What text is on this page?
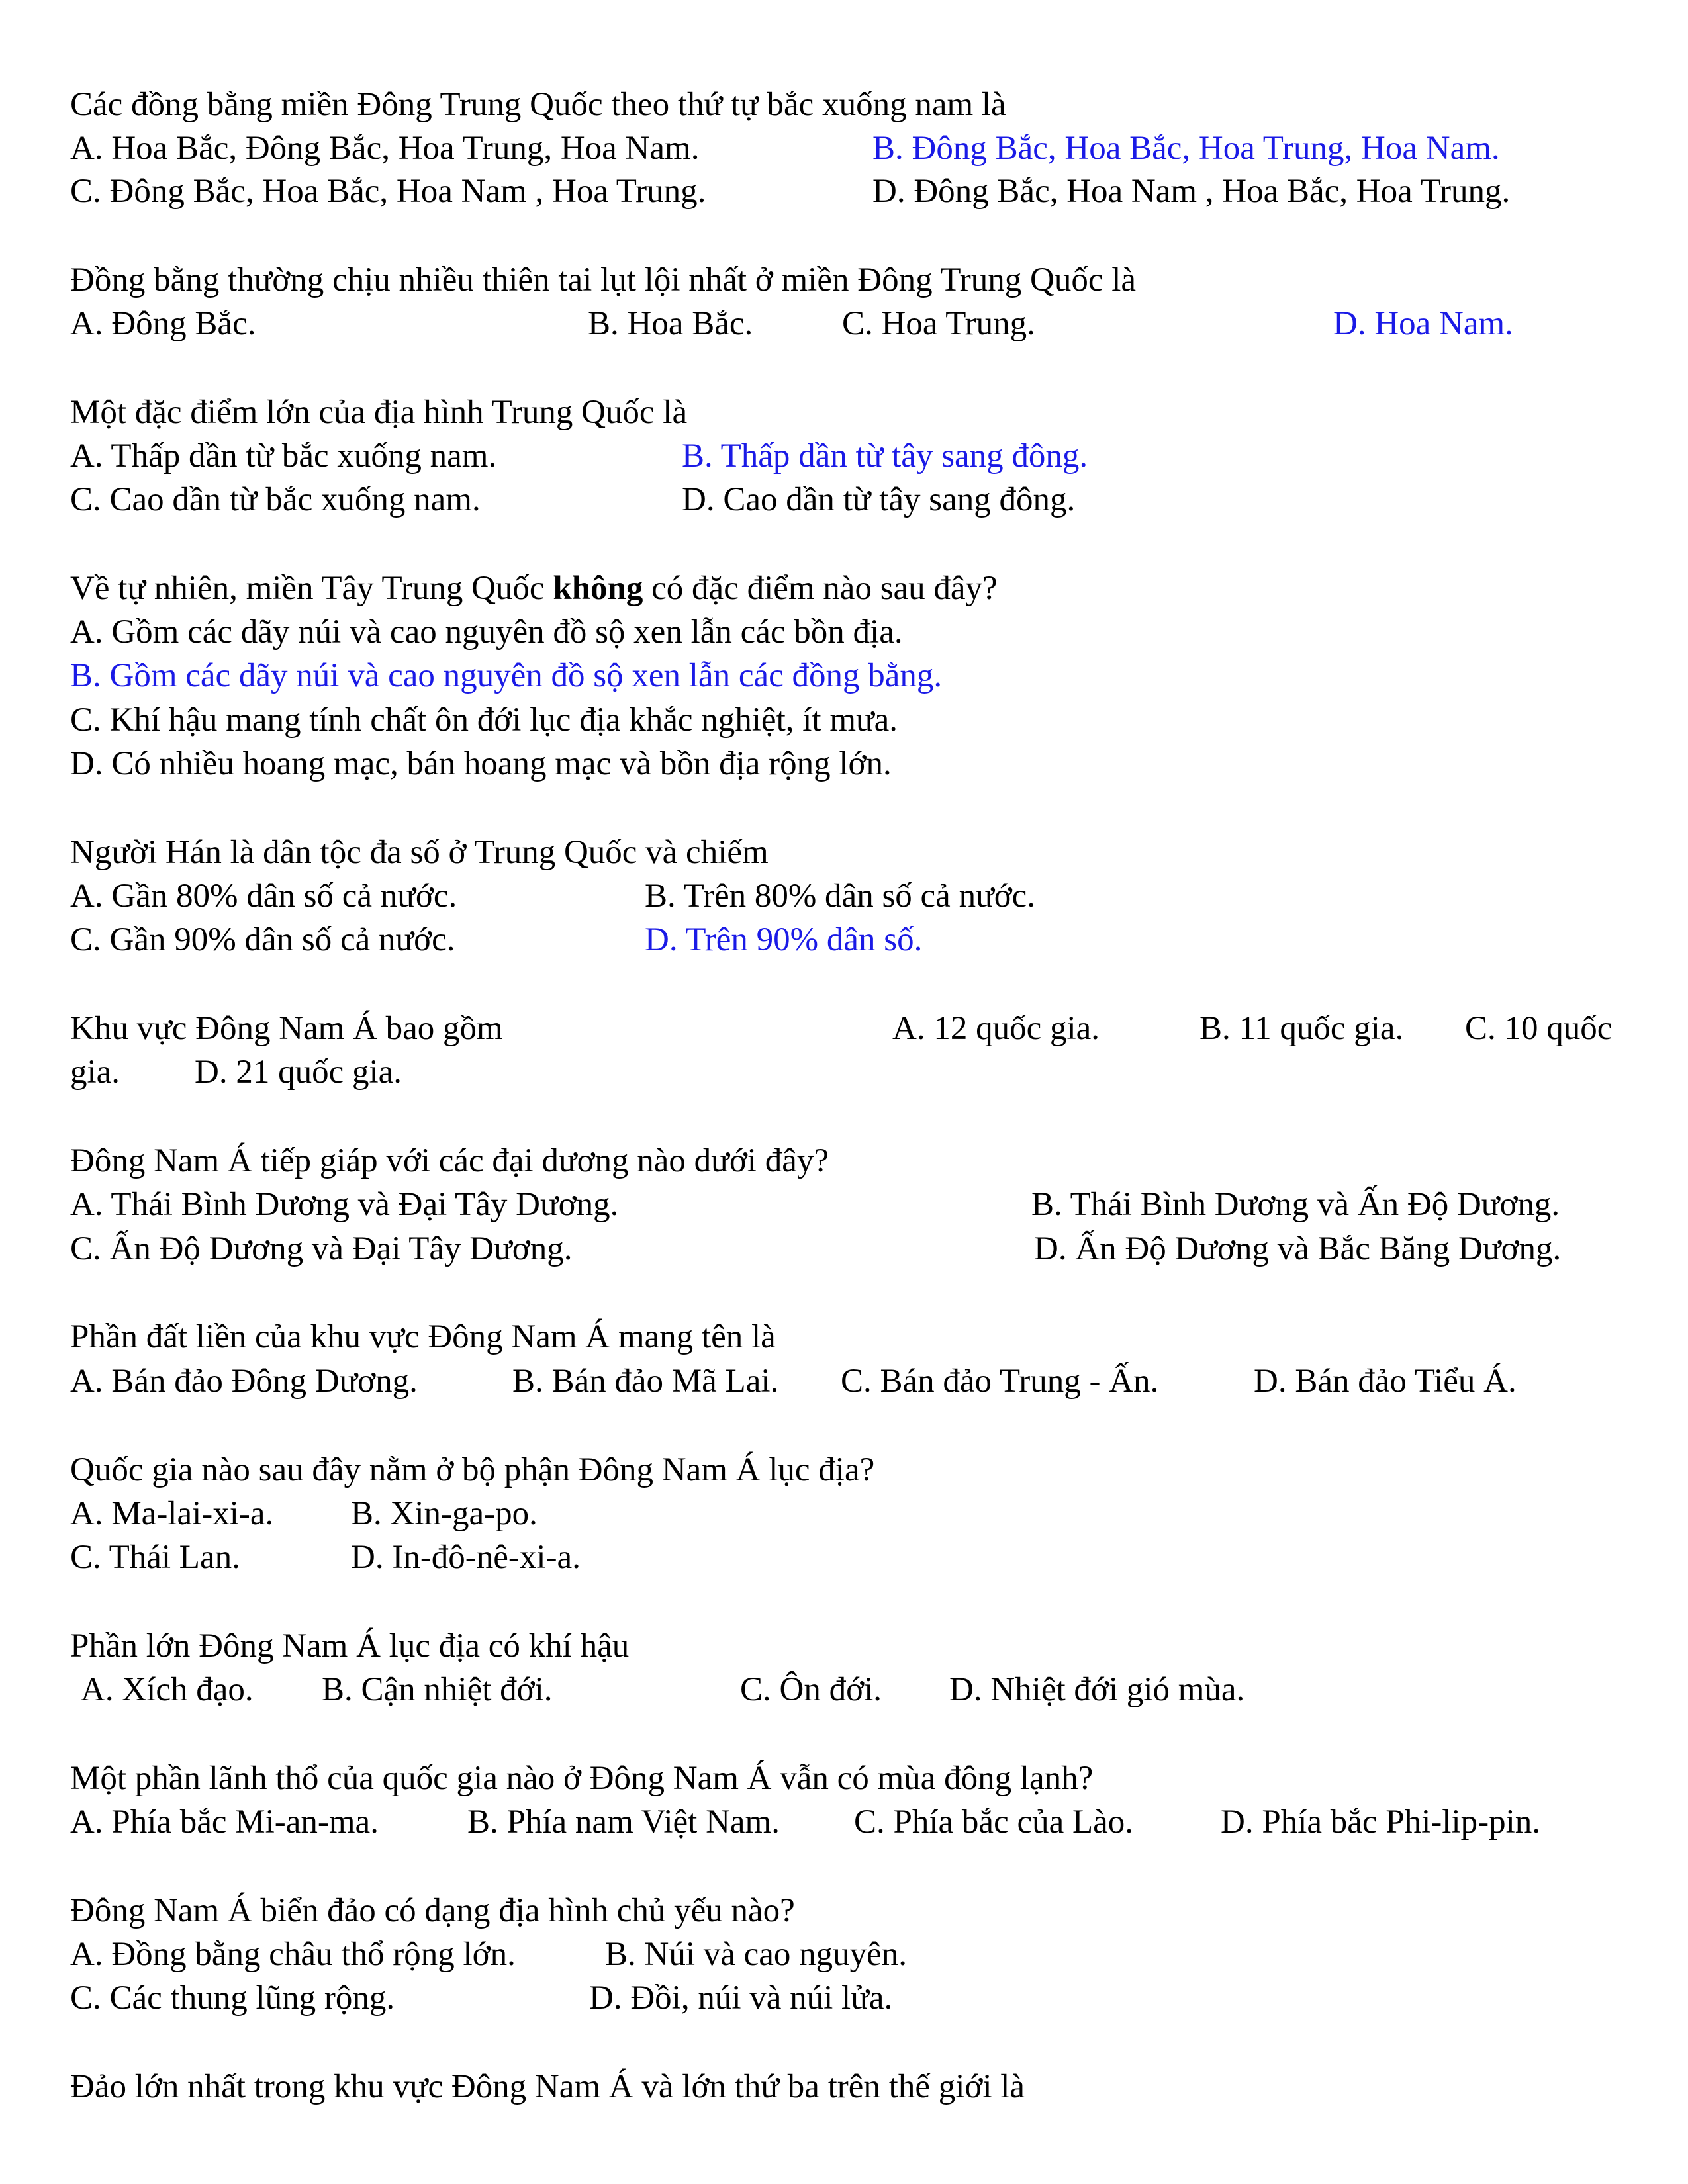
Các đồng bằng miền Đông Trung Quốc theo thứ tự bắc xuống nam là
A. Hoa Bắc, Đông Bắc, Hoa Trung, Hoa Nam.	B. Đông Bắc, Hoa Bắc, Hoa Trung, Hoa Nam.
C. Đông Bắc, Hoa Bắc, Hoa Nam , Hoa Trung.	D. Đông Bắc, Hoa Nam , Hoa Bắc, Hoa Trung.
Đồng bằng thường chịu nhiều thiên tai lụt lội nhất ở miền Đông Trung Quốc là
A. Đông Bắc.	B. Hoa Bắc.	C. Hoa Trung.	D. Hoa Nam.
Một đặc điểm lớn của địa hình Trung Quốc là
A. Thấp dần từ bắc xuống nam.	B. Thấp dần từ tây sang đông.
C. Cao dần từ bắc xuống nam.	D. Cao dần từ tây sang đông.
Về tự nhiên, miền Tây Trung Quốc không có đặc điểm nào sau đây?
A. Gồm các dãy núi và cao nguyên đồ sộ xen lẫn các bồn địa.
B. Gồm các dãy núi và cao nguyên đồ sộ xen lẫn các đồng bằng.
C. Khí hậu mang tính chất ôn đới lục địa khắc nghiệt, ít mưa.
D. Có nhiều hoang mạc, bán hoang mạc và bồn địa rộng lớn.
Người Hán là dân tộc đa số ở Trung Quốc và chiếm
A. Gần 80% dân số cả nước.	B. Trên 80% dân số cả nước.
C. Gần 90% dân số cả nước.	D. Trên 90% dân số.
Khu vực Đông Nam Á bao gồm	A. 12 quốc gia.	B. 11 quốc gia. C. 10 quốc
gia. D. 21 quốc gia.
Đông Nam Á tiếp giáp với các đại dương nào dưới đây?
A. Thái Bình Dương và Đại Tây Dương.	B. Thái Bình Dương và Ấn Độ Dương.
C. Ấn Độ Dương và Đại Tây Dương.	D. Ấn Độ Dương và Bắc Băng Dương.
Phần đất liền của khu vực Đông Nam Á mang tên là
A. Bán đảo Đông Dương.	B. Bán đảo Mã Lai. C. Bán đảo Trung - Ấn.	D. Bán đảo Tiểu Á.
Quốc gia nào sau đây nằm ở bộ phận Đông Nam Á lục địa?
A. Ma-lai-xi-a. B. Xin-ga-po.
C. Thái Lan.	D. In-đô-nê-xi-a.
Phần lớn Đông Nam Á lục địa có khí hậu
A. Xích đạo. B. Cận nhiệt đới.	C. Ôn đới. D. Nhiệt đới gió mùa.
Một phần lãnh thổ của quốc gia nào ở Đông Nam Á vẫn có mùa đông lạnh?
A. Phía bắc Mi-an-ma.	B. Phía nam Việt Nam. C. Phía bắc của Lào.	D. Phía bắc Phi-lip-pin.
Đông Nam Á biển đảo có dạng địa hình chủ yếu nào?
A. Đồng bằng châu thổ rộng lớn.	B. Núi và cao nguyên.
C. Các thung lũng rộng.	D. Đồi, núi và núi lửa.
Đảo lớn nhất trong khu vực Đông Nam Á và lớn thứ ba trên thế giới là
